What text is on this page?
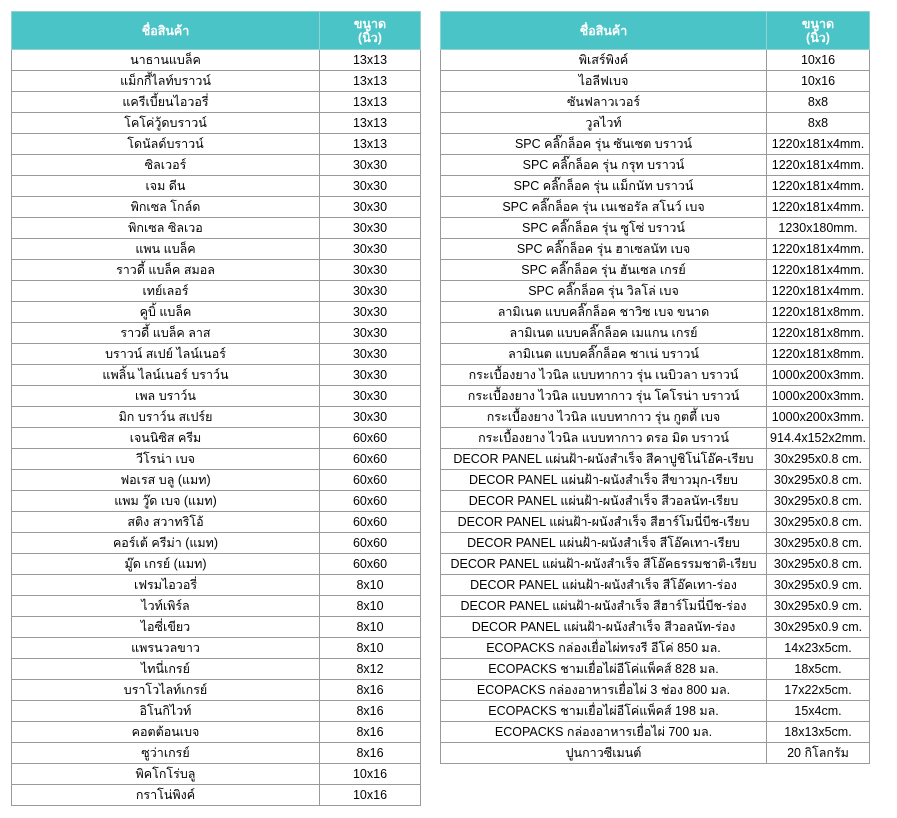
ชื่อสินค้า	ขนาด
(นิ้ว)

นาธานแบล็ค	13x13
แม็กกี้ไลท์บราวน์	13x13
แครีเบี้ยนไอวอรี่	13x13
โคโค่วู้ดบราวน์	13x13
โดนัลด์บราวน์	13x13
ซิลเวอร์	30x30
เจม ดีน	30x30
พิกเซล โกล์ด	30x30
พิกเซล ซิลเวอ	30x30
แพน แบล็ค	30x30
ราวดี้ แบล็ค สมอล	30x30
เทย์เลอร์	30x30
คูบิ้ แบล็ค	30x30
ราวดี้ แบล็ค ลาส	30x30
บราวน์ สเปย์ ไลน์เนอร์	30x30
แพลิ้น ไลน์เนอร์ บราว์น	30x30
เพล บราว์น	30x30
มิก บราว์น สเปร์ย	30x30
เจนนิซิส ครีม	60x60
วีโรน่า เบจ	60x60
ฟอเรส บลู (แมท)	60x60
แพม วู๊ด เบจ (แมท)	60x60
สติง สวาทริโอ้	60x60
คอร์เต้ ครีม่า (แมท)	60x60
มู๊ด เกรย์ (แมท)	60x60
เฟรมไอวอรี่	8x10
ไวท์เพิร์ล	8x10
ไอซี่เขียว	8x10
แพรนวลขาว	8x10
ไทนี่เกรย์	8x12
บราโวไลท์เกรย์	8x16
อิโนกิไวท์	8x16
คอตต้อนเบจ	8x16
ซูว่าเกรย์	8x16
พิคโกโร่บลู	10x16
กราโน่พิงค์	10x16
ชื่อสินค้า	ขนาด
(นิ้ว)

พิเสร์พิงค์	10x16
ไอลีฟเบจ	10x16
ซันฟลาวเวอร์	8x8
วูลไวท์	8x8
SPC คลิ๊กล็อค รุ่น ซันเซต บราวน์	1220x181x4mm.
SPC คลิ๊กล็อค รุ่น กรุท บราวน์	1220x181x4mm.
SPC คลิ๊กล็อค รุ่น แม็กนัท บราวน์	1220x181x4mm.
SPC คลิ๊กล็อค รุ่น เนเชอรัล สโนว์ เบจ	1220x181x4mm.
SPC คลิ๊กล็อค รุ่น ซูโซ่ บราวน์	1230x180mm.
SPC คลิ๊กล็อค รุ่น ฮาเซลนัท เบจ	1220x181x4mm.
SPC คลิ๊กล็อค รุ่น ฮันเซล เกรย์	1220x181x4mm.
SPC คลิ๊กล็อค รุ่น วิลโล่ เบจ	1220x181x4mm.
ลามิเนต แบบคลิ๊กล็อค ชาวิซ เบจ ขนาด	1220x181x8mm.
ลามิเนต แบบคลิ๊กล็อค เมแกน เกรย์	1220x181x8mm.
ลามิเนต แบบคลิ๊กล็อค ชาเน่ บราวน์	1220x181x8mm.
กระเบื้องยาง ไวนิล แบบทากาว รุ่น เนบิวลา บราวน์	1000x200x3mm.
กระเบื้องยาง ไวนิล แบบทากาว รุ่น โคโรน่า บราวน์	1000x200x3mm.
กระเบื้องยาง ไวนิล แบบทากาว รุ่น กูตตี้ เบจ	1000x200x3mm.
กระเบื้องยาง ไวนิล แบบทากาว ดรอ มิด บราวน์	914.4x152x2mm.
DECOR PANEL แผ่นฝ้า-ผนังสำเร็จ สีคาปูชิโน่โอ๊ค-เรียบ	30x295x0.8 cm.
DECOR PANEL แผ่นฝ้า-ผนังสำเร็จ สีขาวมุก-เรียบ	30x295x0.8 cm.
DECOR PANEL แผ่นฝ้า-ผนังสำเร็จ สีวอลนัท-เรียบ	30x295x0.8 cm.
DECOR PANEL แผ่นฝ้า-ผนังสำเร็จ สีฮาร์โมนี่บีช-เรียบ	30x295x0.8 cm.
DECOR PANEL แผ่นฝ้า-ผนังสำเร็จ สีโอ๊คเทา-เรียบ	30x295x0.8 cm.
DECOR PANEL แผ่นฝ้า-ผนังสำเร็จ สีโอ๊คธรรมชาติ-เรียบ	30x295x0.8 cm.
DECOR PANEL แผ่นฝ้า-ผนังสำเร็จ สีโอ๊คเทา-ร่อง	30x295x0.9 cm.
DECOR PANEL แผ่นฝ้า-ผนังสำเร็จ สีฮาร์โมนี่บีช-ร่อง	30x295x0.9 cm.
DECOR PANEL แผ่นฝ้า-ผนังสำเร็จ สีวอลนัท-ร่อง	30x295x0.9 cm.
ECOPACKS กล่องเยื่อไผ่ทรงรี อีโค่ 850 มล.	14x23x5cm.
ECOPACKS ชามเยื่อไผ่อีโค่แพ็คส์ 828 มล.	18x5cm.
ECOPACKS กล่องอาหารเยื่อไผ่ 3 ช่อง 800 มล.	17x22x5cm.
ECOPACKS ชามเยื่อไผ่อีโค่แพ็คส์ 198 มล.	15x4cm.
ECOPACKS กล่องอาหารเยื่อไผ่ 700 มล.	18x13x5cm.
ปูนกาวซีเมนต์	20 กิโลกรัม
